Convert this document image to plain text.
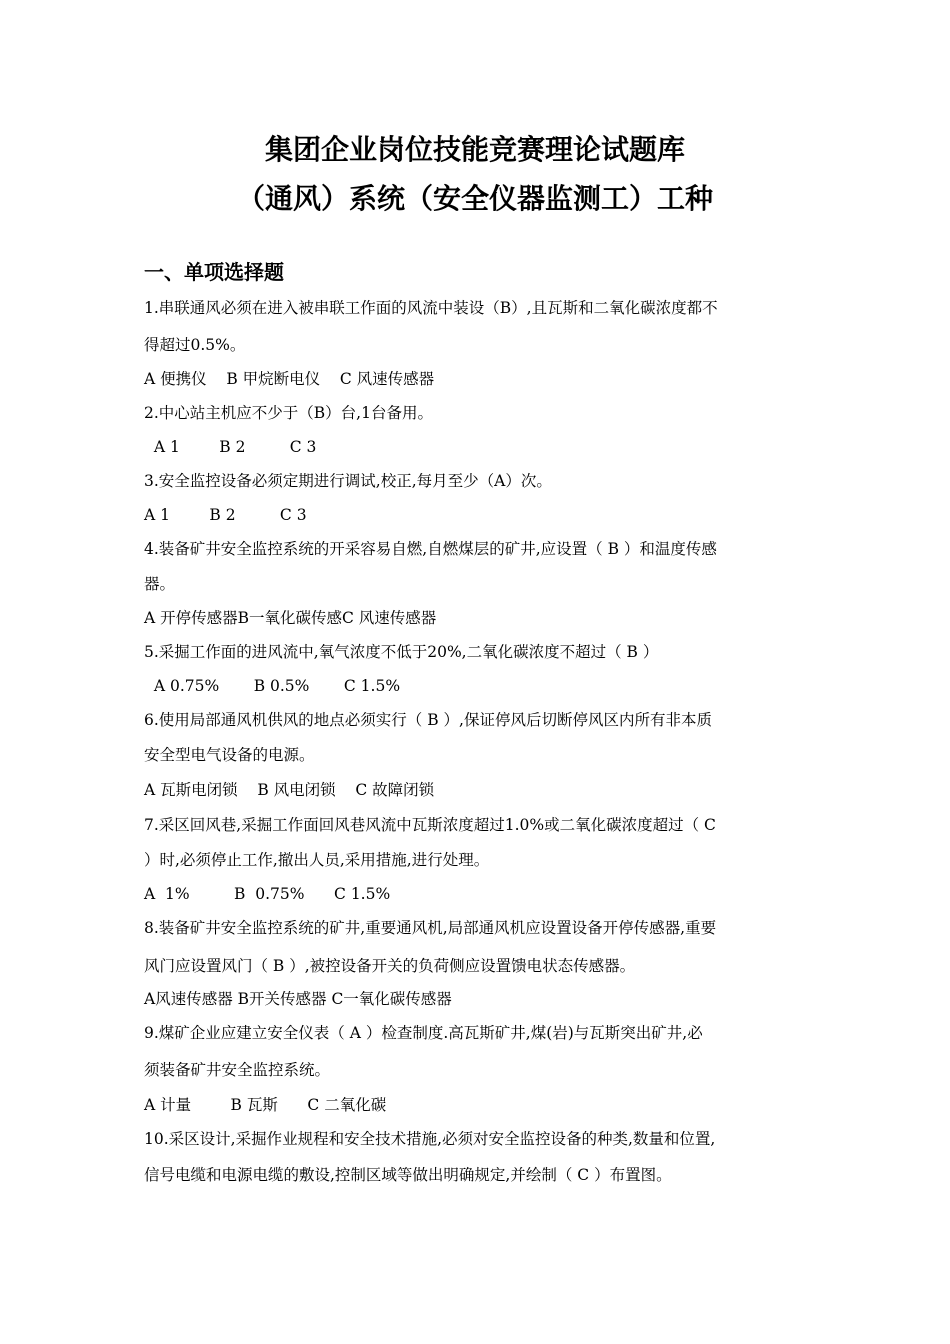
集团企业岗位技能竞赛理论试题库
（通风）系统（安全仪器监测工）工种
一、单项选择题
1.串联通风必须在进入被串联工作面的风流中装设（B）,且瓦斯和二氧化碳浓度都不
得超过0.5%。
A 便携仪    B 甲烷断电仪    C 风速传感器
2.中心站主机应不少于（B）台,1台备用。
A 1        B 2         C 3
3.安全监控设备必须定期进行调试,校正,每月至少（A）次。
A 1        B 2         C 3
4.装备矿井安全监控系统的开采容易自燃,自燃煤层的矿井,应设置（ B ）和温度传感
器。
A 开停传感器B一氧化碳传感C 风速传感器
5.采掘工作面的进风流中,氧气浓度不低于20%,二氧化碳浓度不超过（ B ）
A 0.75%       B 0.5%       C 1.5%
6.使用局部通风机供风的地点必须实行（ B ）,保证停风后切断停风区内所有非本质
安全型电气设备的电源。
A 瓦斯电闭锁    B 风电闭锁    C 故障闭锁
7.采区回风巷,采掘工作面回风巷风流中瓦斯浓度超过1.0%或二氧化碳浓度超过（ C
）时,必须停止工作,撤出人员,采用措施,进行处理。
A  1%         B  0.75%      C 1.5%
8.装备矿井安全监控系统的矿井,重要通风机,局部通风机应设置设备开停传感器,重要
风门应设置风门（ B ）,被控设备开关的负荷侧应设置馈电状态传感器。
A风速传感器 B开关传感器 C一氧化碳传感器
9.煤矿企业应建立安全仪表（ A ）检查制度.高瓦斯矿井,煤(岩)与瓦斯突出矿井,必
须装备矿井安全监控系统。
A 计量        B 瓦斯      C 二氧化碳
10.采区设计,采掘作业规程和安全技术措施,必须对安全监控设备的种类,数量和位置,
信号电缆和电源电缆的敷设,控制区域等做出明确规定,并绘制（ C ）布置图。
